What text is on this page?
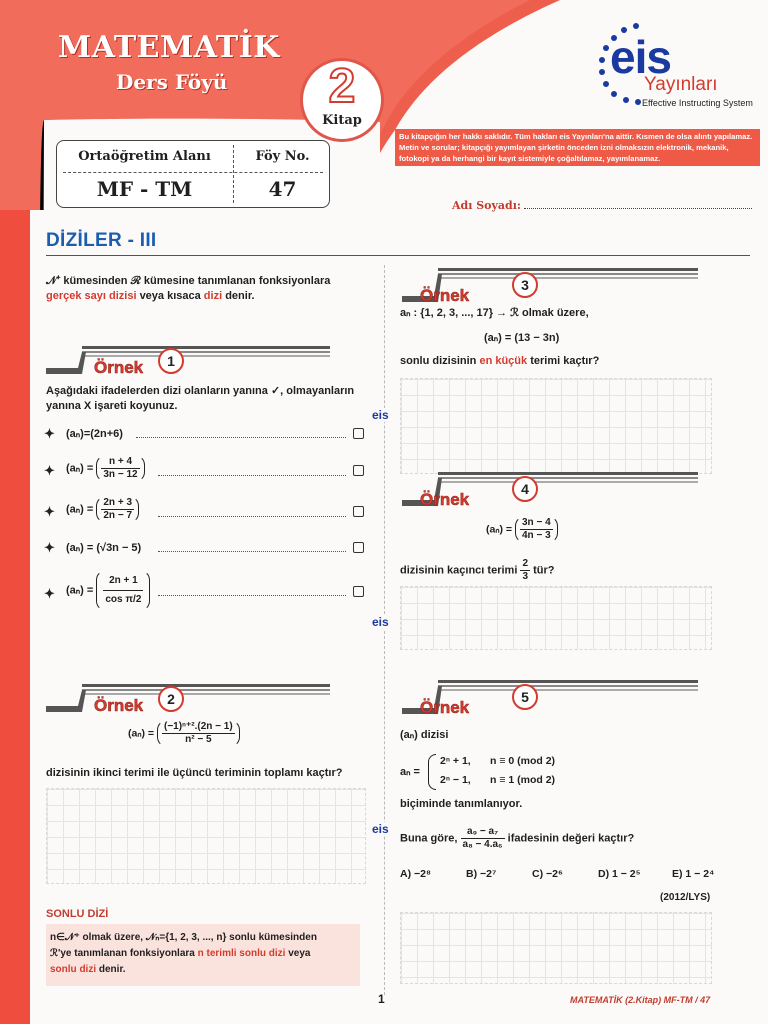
MATEMATİK
Ders Föyü	2
Kitap
eis
Yayınları
Effective Instructing System
Bu kitapçığın her hakkı saklıdır. Tüm hakları eis Yayınları'na aittir. Kısmen de olsa alıntı yapılamaz. Metin ve sorular; kitapçığı yayımlayan şirketin önceden izni olmaksızın elektronik, mekanik, fotokopi ya da herhangi bir kayıt sistemiyle çoğaltılamaz, yayımlanamaz.
Ortaöğretim Alanı	Föy No.
MF - TM	47
Adı Soyadı:
DİZİLER - III
eis
eis
eis
𝒩⁺ kümesinden ℛ kümesine tanımlanan fonksiyonlara
gerçek sayı dizisi veya kısaca dizi denir.
Örnek	1
Aşağıdaki ifadelerden dizi olanların yanına ✓, olmayanların
yanına X işareti koyunuz.
✦ (aₙ)=(2n+6)
✦ $(a_n) = \frac{n + 4}{3n - 12}$
✦ $(a_n) = \frac{2n + 3}{2n - 7}$
✦ (aₙ) = (√3n − 5)
✦ $(a_n) = \frac{2n + 1}{\text{cos π/2}}$
Örnek	2
$(a_n) = \frac{\text{(−1)ⁿ⁺².(2n − 1)}}{\text{n² − 5}}$
dizisinin ikinci terimi ile üçüncü teriminin toplamı kaçtır?
SONLU DİZİ
n∈𝒩⁺ olmak üzere, 𝒩ₙ={1, 2, 3, ..., n} sonlu kümesinden
ℛ'ye tanımlanan fonksiyonlara n terimli sonlu dizi veya
sonlu dizi denir.
Örnek
3
aₙ : {1, 2, 3, ..., 17} → ℛ olmak üzere,
(aₙ) = (13 − 3n)
sonlu dizisinin en küçük terimi kaçtır?
Örnek
4
$(a_n) = \frac{3n - 4}{4n - 3}$
dizisinin kaçıncı terimi $\frac{2}{3}$ tür?
Örnek
5
(aₙ) dizisi
aₙ =
2ⁿ + 1, n ≡ 0 (mod 2)
2ⁿ − 1, n ≡ 1 (mod 2)
biçiminde tanımlanıyor.
Buna göre, $\frac{\text{a₉ − a₇}}{\text{a₈ − 4.a₆}}$ ifadesinin değeri kaçtır?
A) −2⁸	B) −2⁷	C) −2⁶	D) 1 − 2⁵	E) 1 − 2⁴
(2012/LYS)
1	MATEMATİK (2.Kitap) MF-TM / 47
